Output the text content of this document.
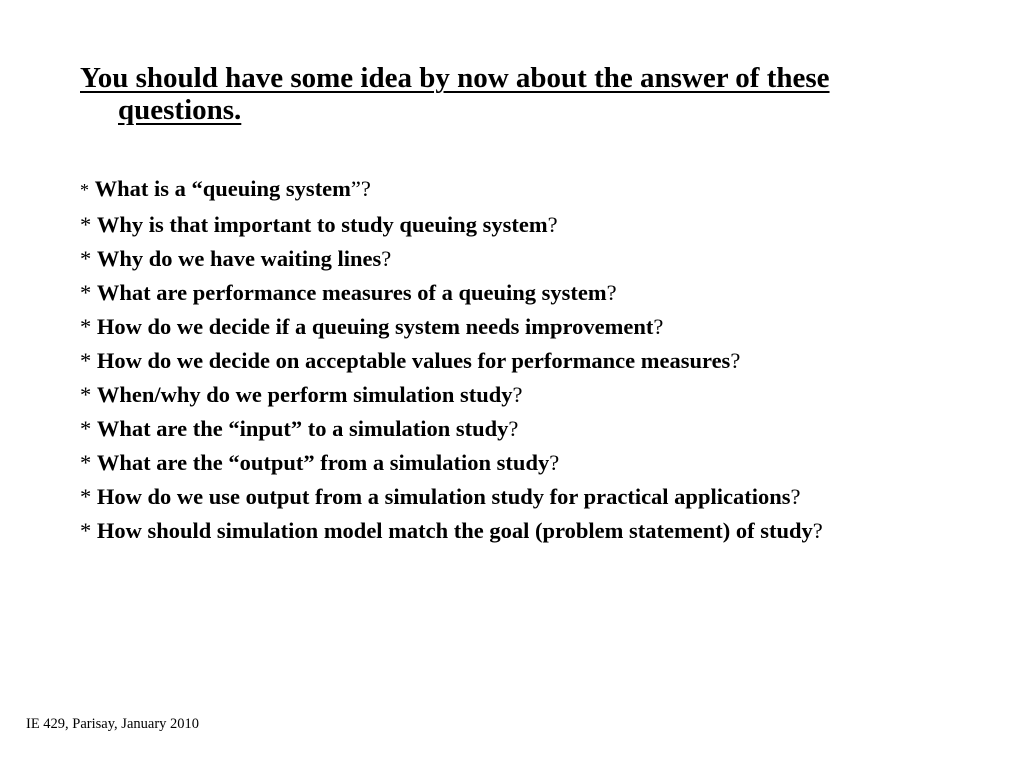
You should have some idea by now about the answer of these questions.

* What is a “queuing system”?
* Why is that important to study queuing system?
* Why do we have waiting lines?
* What are performance measures of a queuing system?
* How do we decide if a queuing system needs improvement?
* How do we decide on acceptable values for performance measures?
* When/why do we perform simulation study?
* What are the “input” to a simulation study?
* What are the “output” from a simulation study?
* How do we use output from a simulation study for practical applications?
* How should simulation model match the goal (problem statement) of study?

IE 429, Parisay, January 2010
